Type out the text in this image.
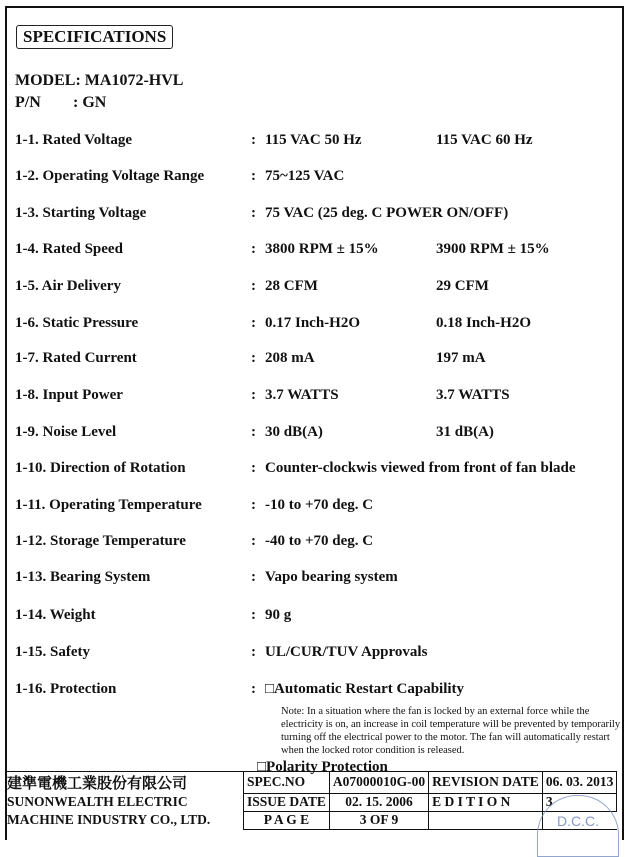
SPECIFICATIONS
MODEL: MA1072-HVL
P/N : GN
1-1. Rated Voltage	: 115 VAC 50 Hz	115 VAC 60 Hz
1-2. Operating Voltage Range	: 75~125 VAC
1-3. Starting Voltage	: 75 VAC (25 deg. C POWER ON/OFF)
1-4. Rated Speed	: 3800 RPM ± 15%	3900 RPM ± 15%
1-5. Air Delivery	: 28 CFM	29 CFM
1-6. Static Pressure	: 0.17 Inch-H2O	0.18 Inch-H2O
1-7. Rated Current	: 208 mA	197 mA
1-8. Input Power	: 3.7 WATTS	3.7 WATTS
1-9. Noise Level	: 30 dB(A)	31 dB(A)
1-10. Direction of Rotation	: Counter-clockwis viewed from front of fan blade
1-11. Operating Temperature	: -10 to +70 deg. C
1-12. Storage Temperature	: -40 to +70 deg. C
1-13. Bearing System	: Vapo bearing system
1-14. Weight	: 90 g
1-15. Safety	: UL/CUR/TUV Approvals
1-16. Protection	: □Automatic Restart Capability
Note: In a situation where the fan is locked by an external force while the electricity is on, an increase in coil temperature will be prevented by temporarily turning off the electrical power to the motor. The fan will automatically restart when the locked rotor condition is released.
□Polarity Protection
建準電機工業股份有限公司	SPEC.NO	A07000010G-00	REVISION DATE	06. 03. 2013
SUNONWEALTH ELECTRIC	ISSUE DATE	02. 15. 2006	E D I T I O N	3
MACHINE INDUSTRY CO., LTD.	P A G E	3 OF 9			D.C.C.
